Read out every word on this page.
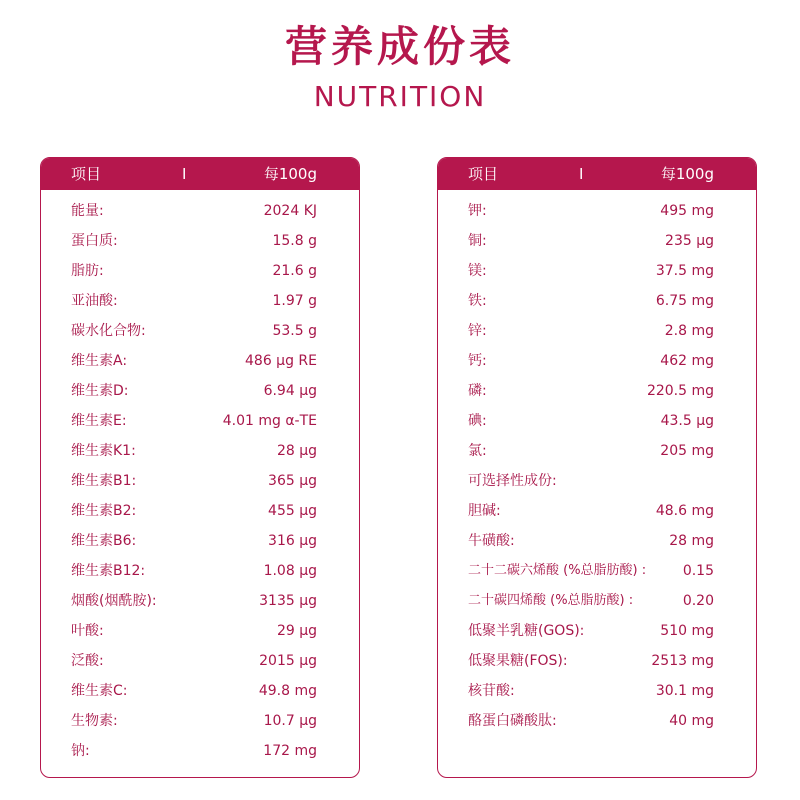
营养成份表
NUTRITION
项目	I	每100g
能量:	2024 KJ
蛋白质:	15.8 g
脂肪:	21.6 g
亚油酸:	1.97 g
碳水化合物:	53.5 g
维生素A:	486 μg RE
维生素D:	6.94 μg
维生素E:	4.01 mg α-TE
维生素K1:	28 μg
维生素B1:	365 μg
维生素B2:	455 μg
维生素B6:	316 μg
维生素B12:	1.08 μg
烟酸(烟酰胺):	3135 μg
叶酸:	29 μg
泛酸:	2015 μg
维生素C:	49.8 mg
生物素:	10.7 μg
钠:	172 mg
项目	I	每100g
钾:	495 mg
铜:	235 μg
镁:	37.5 mg
铁:	6.75 mg
锌:	2.8 mg
钙:	462 mg
磷:	220.5 mg
碘:	43.5 μg
氯:	205 mg
可选择性成份:
胆碱:	48.6 mg
牛磺酸:	28 mg
二十二碳六烯酸 (%总脂肪酸) :	0.15
二十碳四烯酸 (%总脂肪酸) :	0.20
低聚半乳糖(GOS):	510 mg
低聚果糖(FOS):	2513 mg
核苷酸:	30.1 mg
酪蛋白磷酸肽:	40 mg
